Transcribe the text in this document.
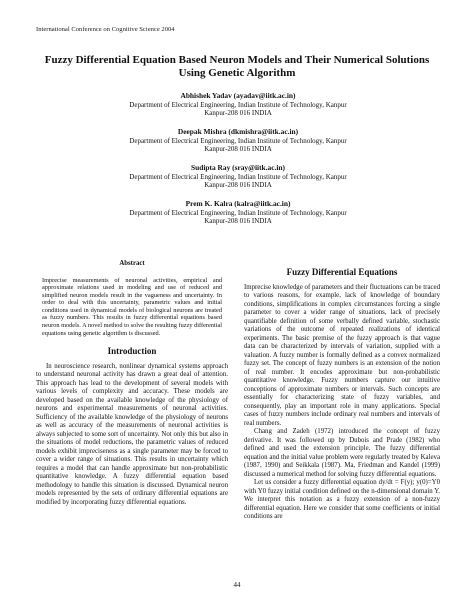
International Conference on Cognitive Science 2004
Fuzzy Differential Equation Based Neuron Models and Their Numerical Solutions Using Genetic Algorithm
Abhishek Yadav (ayadav@iitk.ac.in)
Department of Electrical Engineering, Indian Institute of Technology, Kanpur
Kanpur-208 016 INDIA
Deepak Mishra (dkmishra@iitk.ac.in)
Department of Electrical Engineering, Indian Institute of Technology, Kanpur
Kanpur-208 016 INDIA
Sudipta Ray (sray@iitk.ac.in)
Department of Electrical Engineering, Indian Institute of Technology, Kanpur
Kanpur-208 016 INDIA
Prem K. Kalra (kalra@iitk.ac.in)
Department of Electrical Engineering, Indian Institute of Technology, Kanpur
Kanpur-208 016 INDIA
Abstract

Imprecise measurements of neuronal activities, empirical and approximate relations used in modeling and use of reduced and simplified neuron models result in the vagueness and uncertainty. In order to deal with this uncertainty, parametric values and initial conditions used in dynamical models of biological neurons are treated as fuzzy numbers. This results in fuzzy differential equations based neuron models. A novel method to solve the resulting fuzzy differential equations using genetic algorithm is discussed.

Introduction

In neuroscience research, nonlinear dynamical systems approach to understand neuronal activity has drawn a great deal of attention. This approach has lead to the development of several models with various levels of complexity and accuracy. These models are developed based on the available knowledge of the physiology of neurons and experimental measurements of neuronal activities. Sufficiency of the available knowledge of the physiology of neurons as well as accuracy of the measurements of neuronal activities is always subjected to some sort of uncertainty. Not only this but also in the situations of model reductions, the parametric values of reduced models exhibit impreciseness as a single parameter may be forced to cover a wider range of situations. This results in uncertainty which requires a model that can handle approximate but non-probabilistic quantitative knowledge. A fuzzy differential equation based methodology to handle this situation is discussed. Dynamical neuron models represented by the sets of ordinary differential equations are modified by incorporating fuzzy differential equations.

Fuzzy Differential Equations

Imprecise knowledge of parameters and their fluctuations can be traced to various reasons, for example, lack of knowledge of boundary conditions, simplifications in complex circumstances forcing a single parameter to cover a wider range of situations, lack of precisely quantifiable definition of some verbally defined variable, stochastic variations of the outcome of repeated realizations of identical experiments. The basic premise of the fuzzy approach is that vague data can be characterized by intervals of variation, supplied with a valuation. A fuzzy number is formally defined as a convex normalized fuzzy set. The concept of fuzzy numbers is an extension of the notion of real number. It encodes approximate but non-probabilistic quantitative knowledge. Fuzzy numbers capture our intuitive conceptions of approximate numbers or intervals. Such concepts are essentially for characterizing state of fuzzy variables, and consequently, play an important role in many applications. Special cases of fuzzy numbers include ordinary real numbers and intervals of real numbers.

Chang and Zadeh (1972) introduced the concept of fuzzy derivative. It was followed up by Dubois and Prade (1982) who defined and used the extension principle. The fuzzy differential equation and the initial value problem were regularly treated by Kaleva (1987, 1990) and Seikkala (1987). Ma, Friedman and Kandel (1999) discussed a numerical method for solving fuzzy differential equations.

Let us consider a fuzzy differential equation dy/dt = F(y); y(0)=Y0 with Y0 fuzzy initial condition defined on the n-dimensional domain Y. We interpret this notation as a fuzzy extension of a non-fuzzy differential equation. Here we consider that some coefficients or initial conditions are

44
